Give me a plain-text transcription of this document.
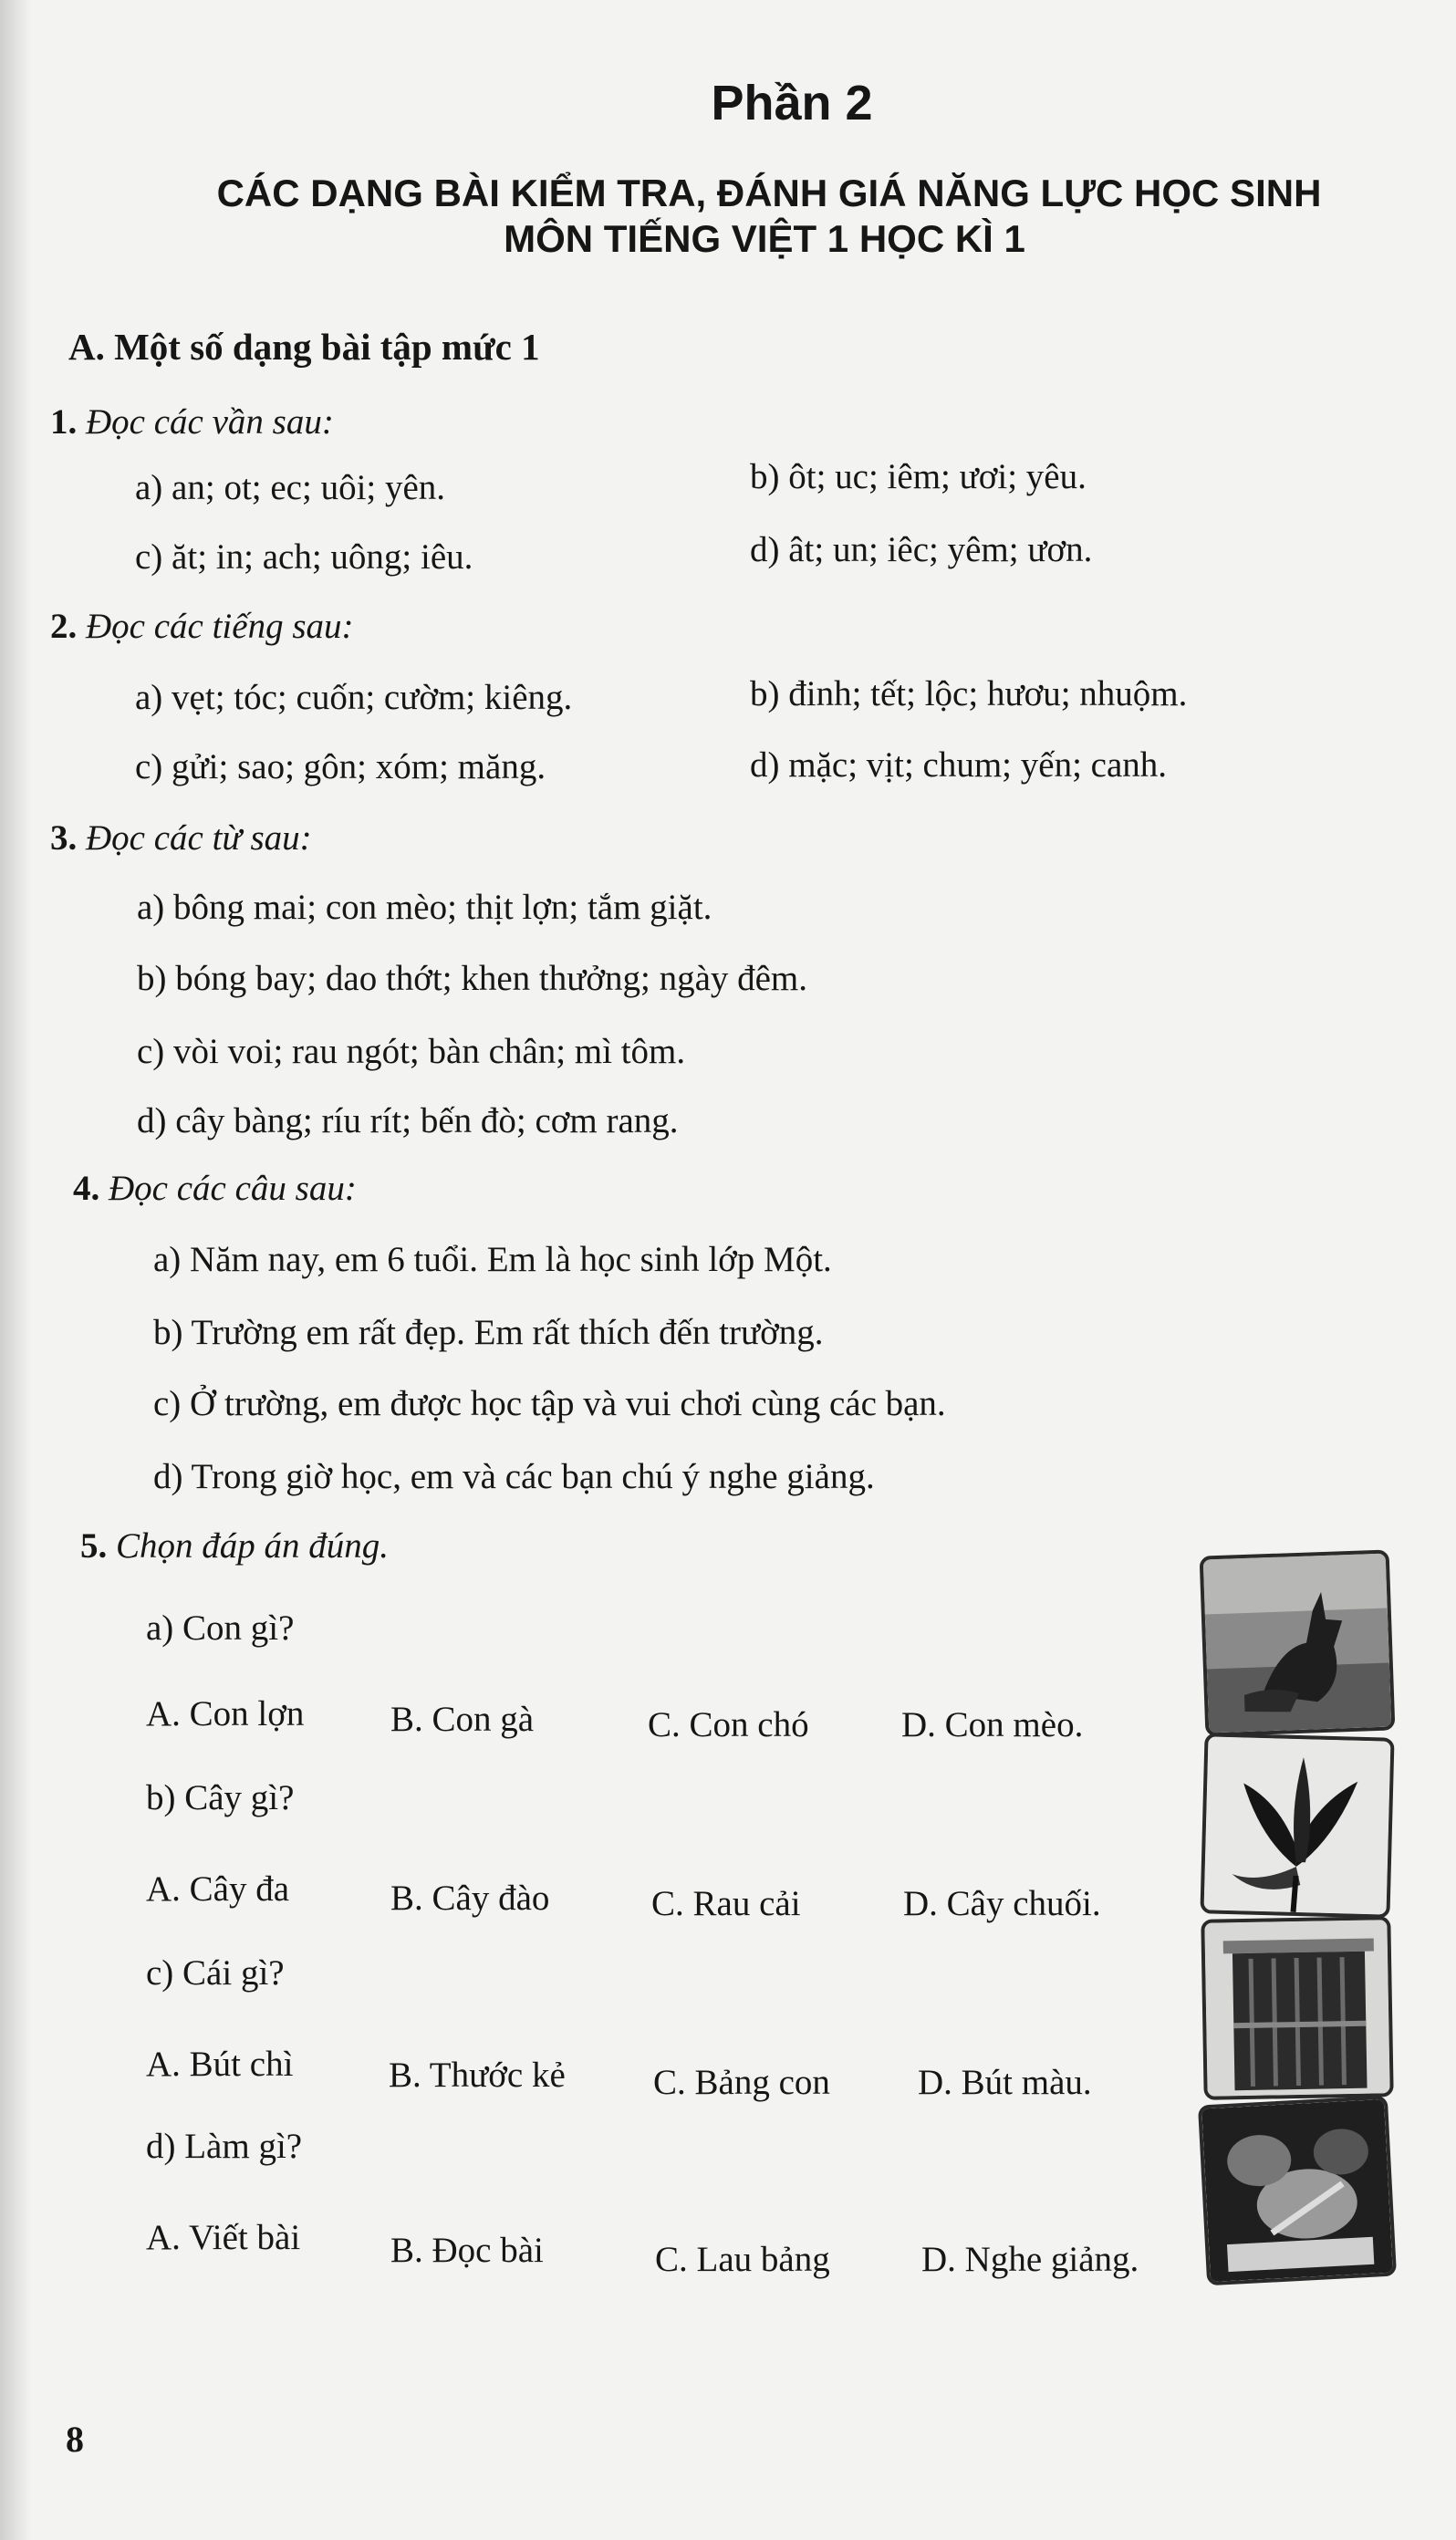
Phần 2
CÁC DẠNG BÀI KIỂM TRA, ĐÁNH GIÁ NĂNG LỰC HỌC SINH
MÔN TIẾNG VIỆT 1 HỌC KÌ 1
A. Một số dạng bài tập mức 1
1. Đọc các vần sau:
a) an; ot; ec; uôi; yên.	b) ôt; uc; iêm; ươi; yêu.
c) ăt; in; ach; uông; iêu.	d) ât; un; iêc; yêm; ươn.
2. Đọc các tiếng sau:
a) vẹt; tóc; cuốn; cườm; kiêng.	b) đinh; tết; lộc; hươu; nhuộm.
c) gửi; sao; gôn; xóm; măng.	d) mặc; vịt; chum; yến; canh.
3. Đọc các từ sau:
a) bông mai; con mèo; thịt lợn; tắm giặt.
b) bóng bay; dao thớt; khen thưởng; ngày đêm.
c) vòi voi; rau ngót; bàn chân; mì tôm.
d) cây bàng; ríu rít; bến đò; cơm rang.
4. Đọc các câu sau:
a) Năm nay, em 6 tuổi. Em là học sinh lớp Một.
b) Trường em rất đẹp. Em rất thích đến trường.
c) Ở trường, em được học tập và vui chơi cùng các bạn.
d) Trong giờ học, em và các bạn chú ý nghe giảng.
5. Chọn đáp án đúng.
a) Con gì?
A. Con lợn B. Con gà	C. Con chó	D. Con mèo.
b) Cây gì?
A. Cây đa	B. Cây đào	C. Rau cải	D. Cây chuối.
c) Cái gì?
A. Bút chì	B. Thước kẻ C. Bảng con D. Bút màu.
d) Làm gì?
A. Viết bài	B. Đọc bài	C. Lau bảng	D. Nghe giảng.
8
